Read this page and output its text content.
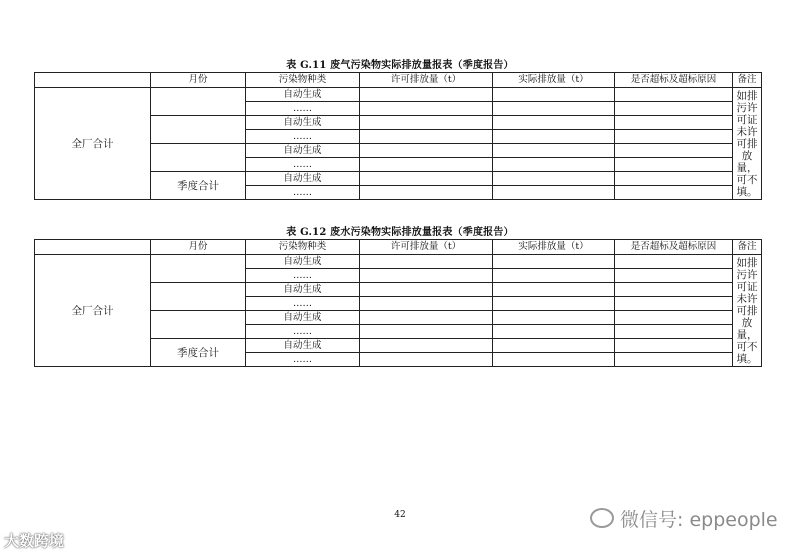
表 G.11 废气污染物实际排放量报表（季度报告）
	月份	污染物种类	许可排放量（t）	实际排放量（t）	是否超标及超标原因	备注
全厂合计		自动生成				如排污许可证未许可排放量，可不填。
		……				
		自动生成				
		……				
		自动生成				
		……				
	季度合计	自动生成				
		……				
表 G.12 废水污染物实际排放量报表（季度报告）
	月份	污染物种类	许可排放量（t）	实际排放量（t）	是否超标及超标原因	备注
全厂合计		自动生成				如排污许可证未许可排放量，可不填。
		……				
		自动生成				
		……				
		自动生成				
		……				
	季度合计	自动生成				
		……				
42	微信号: eppeople
大数跨境
